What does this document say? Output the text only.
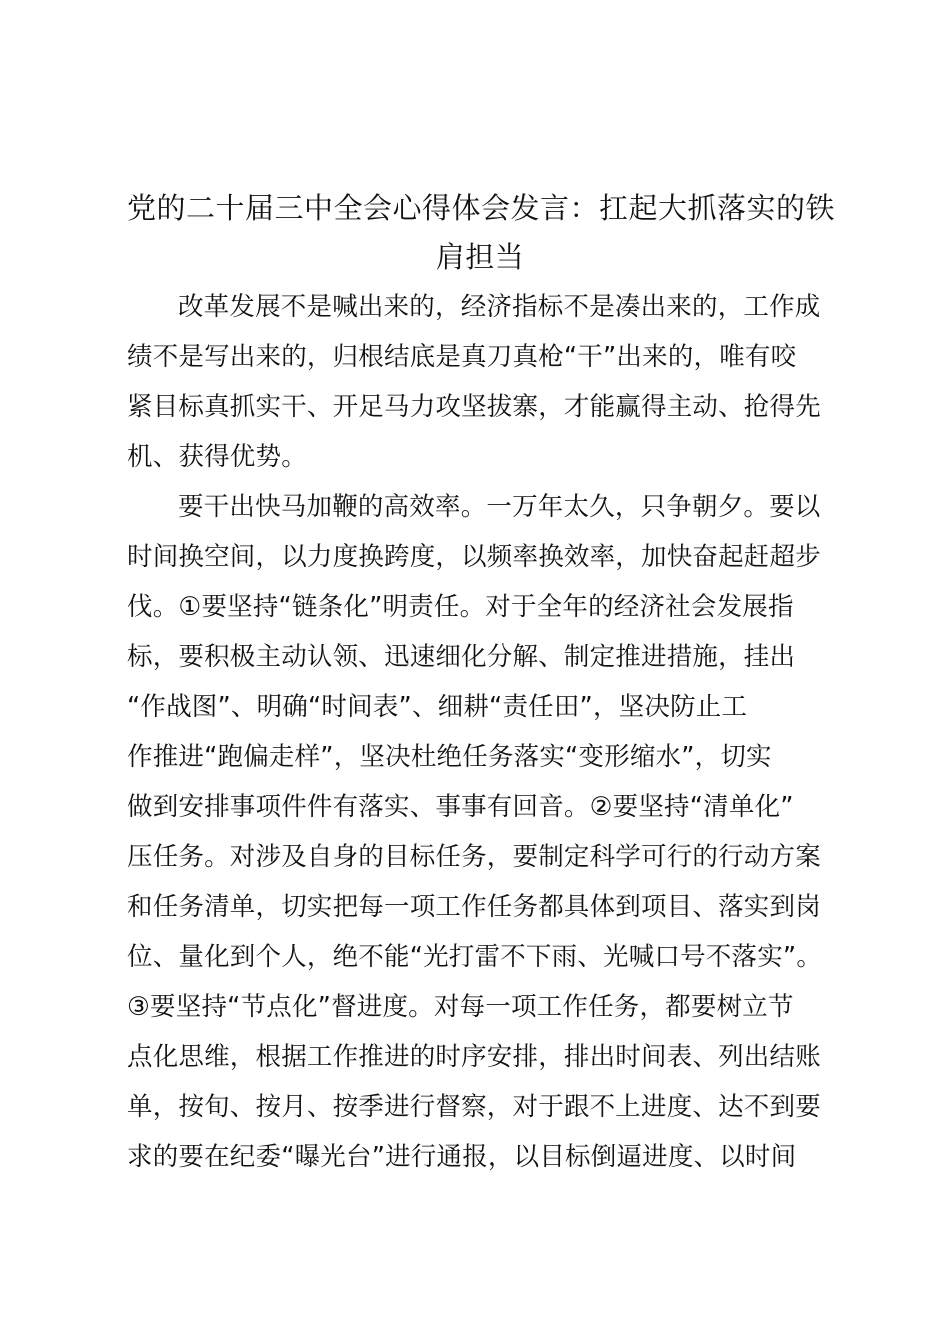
党的二十届三中全会心得体会发言：扛起大抓落实的铁
肩担当
改革发展不是喊出来的，经济指标不是凑出来的，工作成
绩不是写出来的，归根结底是真刀真枪“干”出来的，唯有咬
紧目标真抓实干、开足马力攻坚拔寨，才能赢得主动、抢得先
机、获得优势。
要干出快马加鞭的高效率。一万年太久，只争朝夕。要以
时间换空间，以力度换跨度，以频率换效率，加快奋起赶超步
伐。①要坚持“链条化”明责任。对于全年的经济社会发展指
标，要积极主动认领、迅速细化分解、制定推进措施，挂出
“作战图”、明确“时间表”、细耕“责任田”，坚决防止工
作推进“跑偏走样”，坚决杜绝任务落实“变形缩水”，切实
做到安排事项件件有落实、事事有回音。②要坚持“清单化”
压任务。对涉及自身的目标任务，要制定科学可行的行动方案
和任务清单，切实把每一项工作任务都具体到项目、落实到岗
位、量化到个人，绝不能“光打雷不下雨、光喊口号不落实”。
③要坚持“节点化”督进度。对每一项工作任务，都要树立节
点化思维，根据工作推进的时序安排，排出时间表、列出结账
单，按旬、按月、按季进行督察，对于跟不上进度、达不到要
求的要在纪委“曝光台”进行通报，以目标倒逼进度、以时间
